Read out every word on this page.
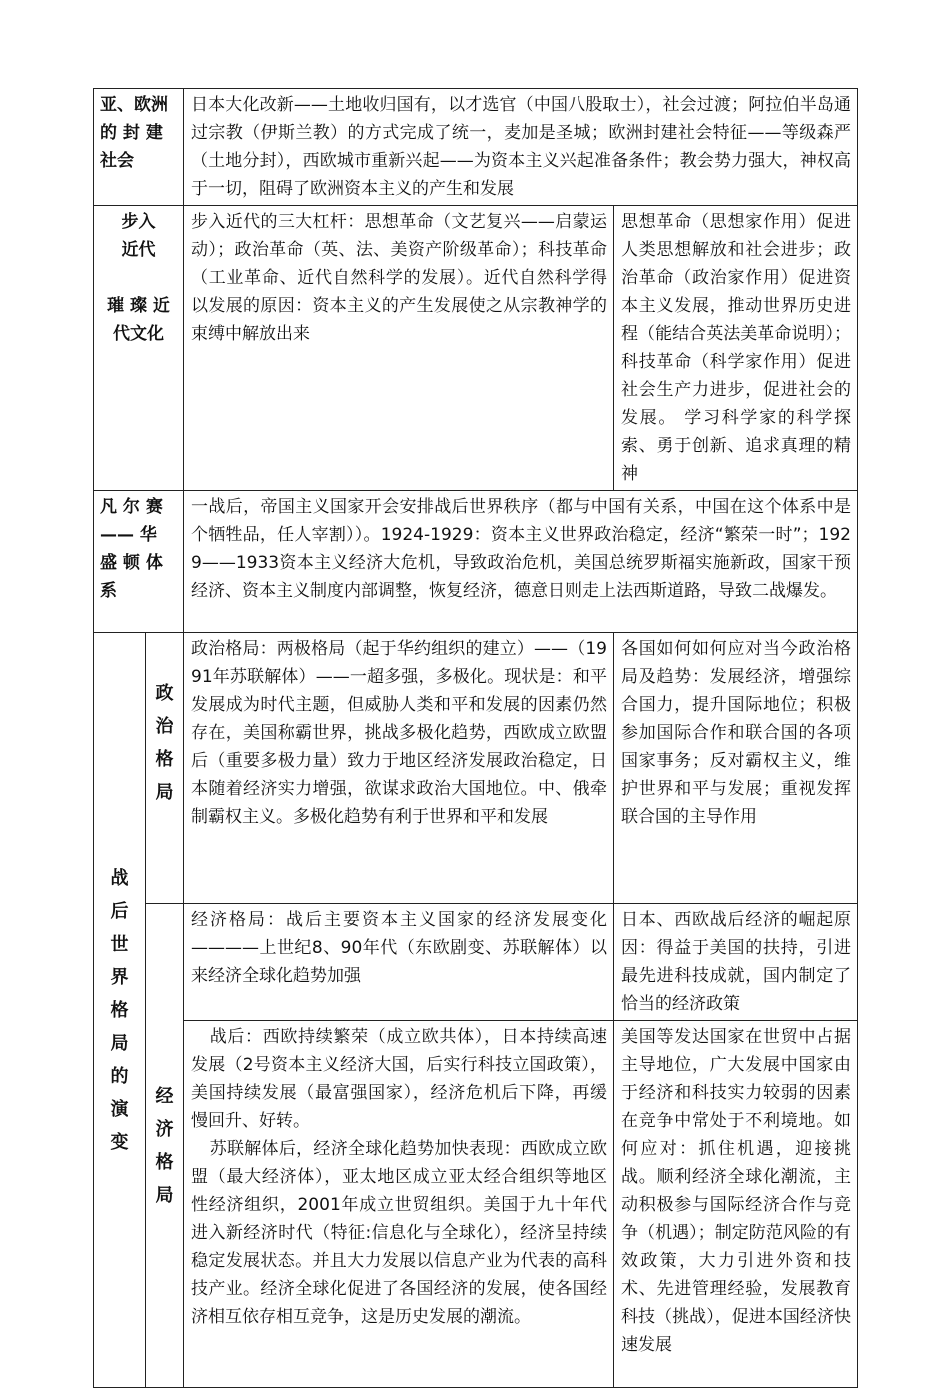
亚、欧洲
的 封 建
社会		日本大化改新——土地收归国有，以才选官（中国八股取士），社会过渡；阿拉伯半岛通过宗教（伊斯兰教）的方式完成了统一，麦加是圣城；欧洲封建社会特征——等级森严（土地分封），西欧城市重新兴起——为资本主义兴起准备条件；教会势力强大，神权高于一切，阻碍了欧洲资本主义的产生和发展	

步入
近代

璀 璨 近
代文化		步入近代的三大杠杆：思想革命（文艺复兴——启蒙运动）；政治革命（英、法、美资产阶级革命）；科技革命（工业革命、近代自然科学的发展）。近代自然科学得以发展的原因：资本主义的产生发展使之从宗教神学的束缚中解放出来	思想革命（思想家作用）促进人类思想解放和社会进步；政治革命（政治家作用）促进资本主义发展，推动世界历史进程（能结合英法美革命说明）；科技革命（科学家作用）促进社会生产力进步，促进社会的发展。 学习科学家的科学探索、勇于创新、追求真理的精神

凡 尔 赛
—— 华
盛 顿 体
系		一战后，帝国主义国家开会安排战后世界秩序（都与中国有关系，中国在这个体系中是个牺牲品，任人宰割））。1924-1929：资本主义世界政治稳定，经济“繁荣一时”；1929——1933资本主义经济大危机，导致政治危机，美国总统罗斯福实施新政，国家干预经济、资本主义制度内部调整，恢复经济，德意日则走上法西斯道路，导致二战爆发。	

战后世界格局的演变	政治格局	政治格局：两极格局（起于华约组织的建立）——（1991年苏联解体）——一超多强，多极化。现状是：和平发展成为时代主题，但威胁人类和平和发展的因素仍然存在，美国称霸世界，挑战多极化趋势，西欧成立欧盟后（重要多极力量）致力于地区经济发展政治稳定，日本随着经济实力增强，欲谋求政治大国地位。中、俄牵制霸权主义。多极化趋势有利于世界和平和发展	各国如何如何应对当今政治格局及趋势：发展经济，增强综合国力，提升国际地位；积极参加国际合作和联合国的各项国家事务；反对霸权主义，维护世界和平与发展；重视发挥联合国的主导作用

	经济格局	经济格局：战后主要资本主义国家的经济发展变化————上世纪8、90年代（东欧剧变、苏联解体）以来经济全球化趋势加强	日本、西欧战后经济的崛起原因：得益于美国的扶持，引进最先进科技成就，国内制定了恰当的经济政策

		战后：西欧持续繁荣（成立欧共体），日本持续高速发展（2号资本主义经济大国，后实行科技立国政策），美国持续发展（最富强国家），经济危机后下降，再缓慢回升、好转。
苏联解体后，经济全球化趋势加快表现：西欧成立欧盟（最大经济体），亚太地区成立亚太经合组织等地区性经济组织，2001年成立世贸组织。美国于九十年代进入新经济时代（特征:信息化与全球化），经济呈持续稳定发展状态。并且大力发展以信息产业为代表的高科技产业。经济全球化促进了各国经济的发展，使各国经济相互依存相互竞争，这是历史发展的潮流。	美国等发达国家在世贸中占据主导地位，广大发展中国家由于经济和科技实力较弱的因素在竞争中常处于不利境地。如何应对：抓住机遇，迎接挑战。顺利经济全球化潮流，主动积极参与国际经济合作与竞争（机遇）；制定防范风险的有效政策，大力引进外资和技术、先进管理经验，发展教育科技（挑战），促进本国经济快速发展
